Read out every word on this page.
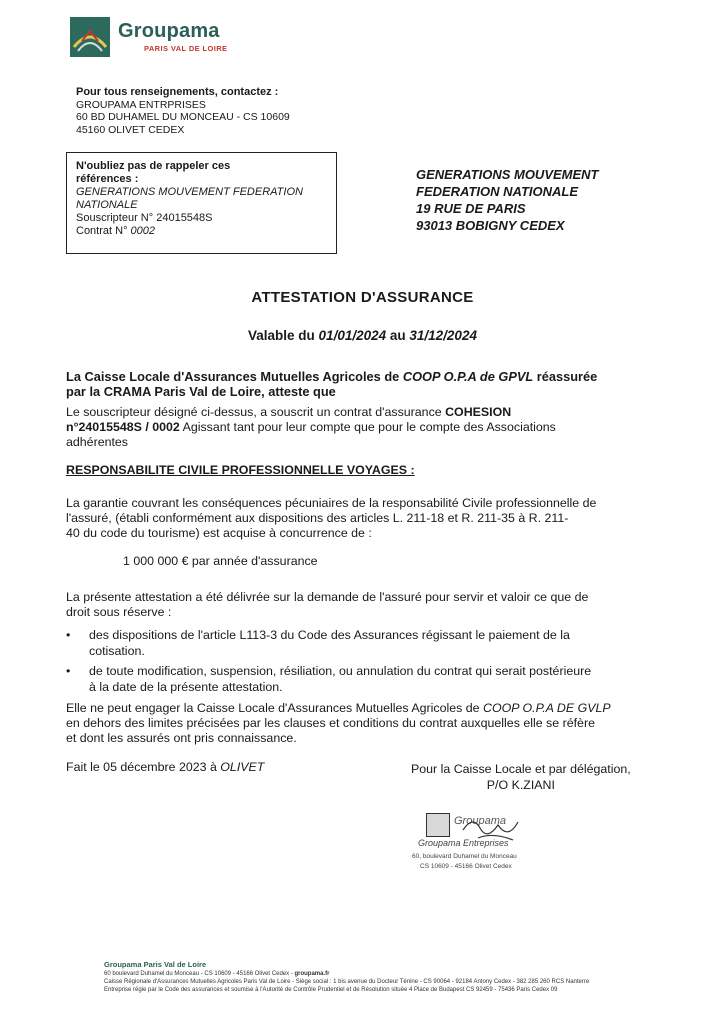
Groupama
PARIS VAL DE LOIRE
Pour tous renseignements, contactez :
GROUPAMA ENTRPRISES
60 BD DUHAMEL DU MONCEAU - CS 10609
45160 OLIVET CEDEX
N'oubliez pas de rappeler ces
références :
GENERATIONS MOUVEMENT FEDERATION
NATIONALE
Souscripteur N° 24015548S
Contrat N° 0002
GENERATIONS MOUVEMENT
FEDERATION NATIONALE
19 RUE DE PARIS
93013 BOBIGNY CEDEX
ATTESTATION D'ASSURANCE
Valable du 01/01/2024 au 31/12/2024
La Caisse Locale d'Assurances Mutuelles Agricoles de COOP O.P.A de GPVL réassurée
par la CRAMA Paris Val de Loire, atteste que
Le souscripteur désigné ci-dessus, a souscrit un contrat d'assurance COHESION
n°24015548S / 0002 Agissant tant pour leur compte que pour le compte des Associations
adhérentes
RESPONSABILITE CIVILE PROFESSIONNELLE VOYAGES :
La garantie couvrant les conséquences pécuniaires de la responsabilité Civile professionnelle de
l'assuré, (établi conformément aux dispositions des articles L. 211-18 et R. 211-35 à R. 211-
40 du code du tourisme) est acquise à concurrence de :
1 000 000 € par année d'assurance
La présente attestation a été délivrée sur la demande de l'assuré pour servir et valoir ce que de
droit sous réserve :
• des dispositions de l'article L113-3 du Code des Assurances régissant le paiement de la
cotisation.
• de toute modification, suspension, résiliation, ou annulation du contrat qui serait postérieure
à la date de la présente attestation.
Elle ne peut engager la Caisse Locale d'Assurances Mutuelles Agricoles de COOP O.P.A DE GVLP
en dehors des limites précisées par les clauses et conditions du contrat auxquelles elle se réfère
et dont les assurés ont pris connaissance.
Fait le 05 décembre 2023 à OLIVET	Pour la Caisse Locale et par délégation,
P/O K.ZIANI
Groupama
Groupama Entreprises
60, boulevard Duhamel du Monceau
CS 10609 - 45166 Olivet Cedex
Groupama Paris Val de Loire
60 boulevard Duhamel du Monceau - CS 10609 - 45166 Olivet Cedex - groupama.fr
Caisse Régionale d'Assurances Mutuelles Agricoles Paris Val de Loire - Siège social : 1 bis avenue du Docteur Ténine - CS 90064 - 92184 Antony Cedex - 382 285 260 RCS Nanterre
Entreprise régie par le Code des assurances et soumise à l'Autorité de Contrôle Prudentiel et de Résolution située 4 Place de Budapest CS 92459 - 75436 Paris Cedex 09
